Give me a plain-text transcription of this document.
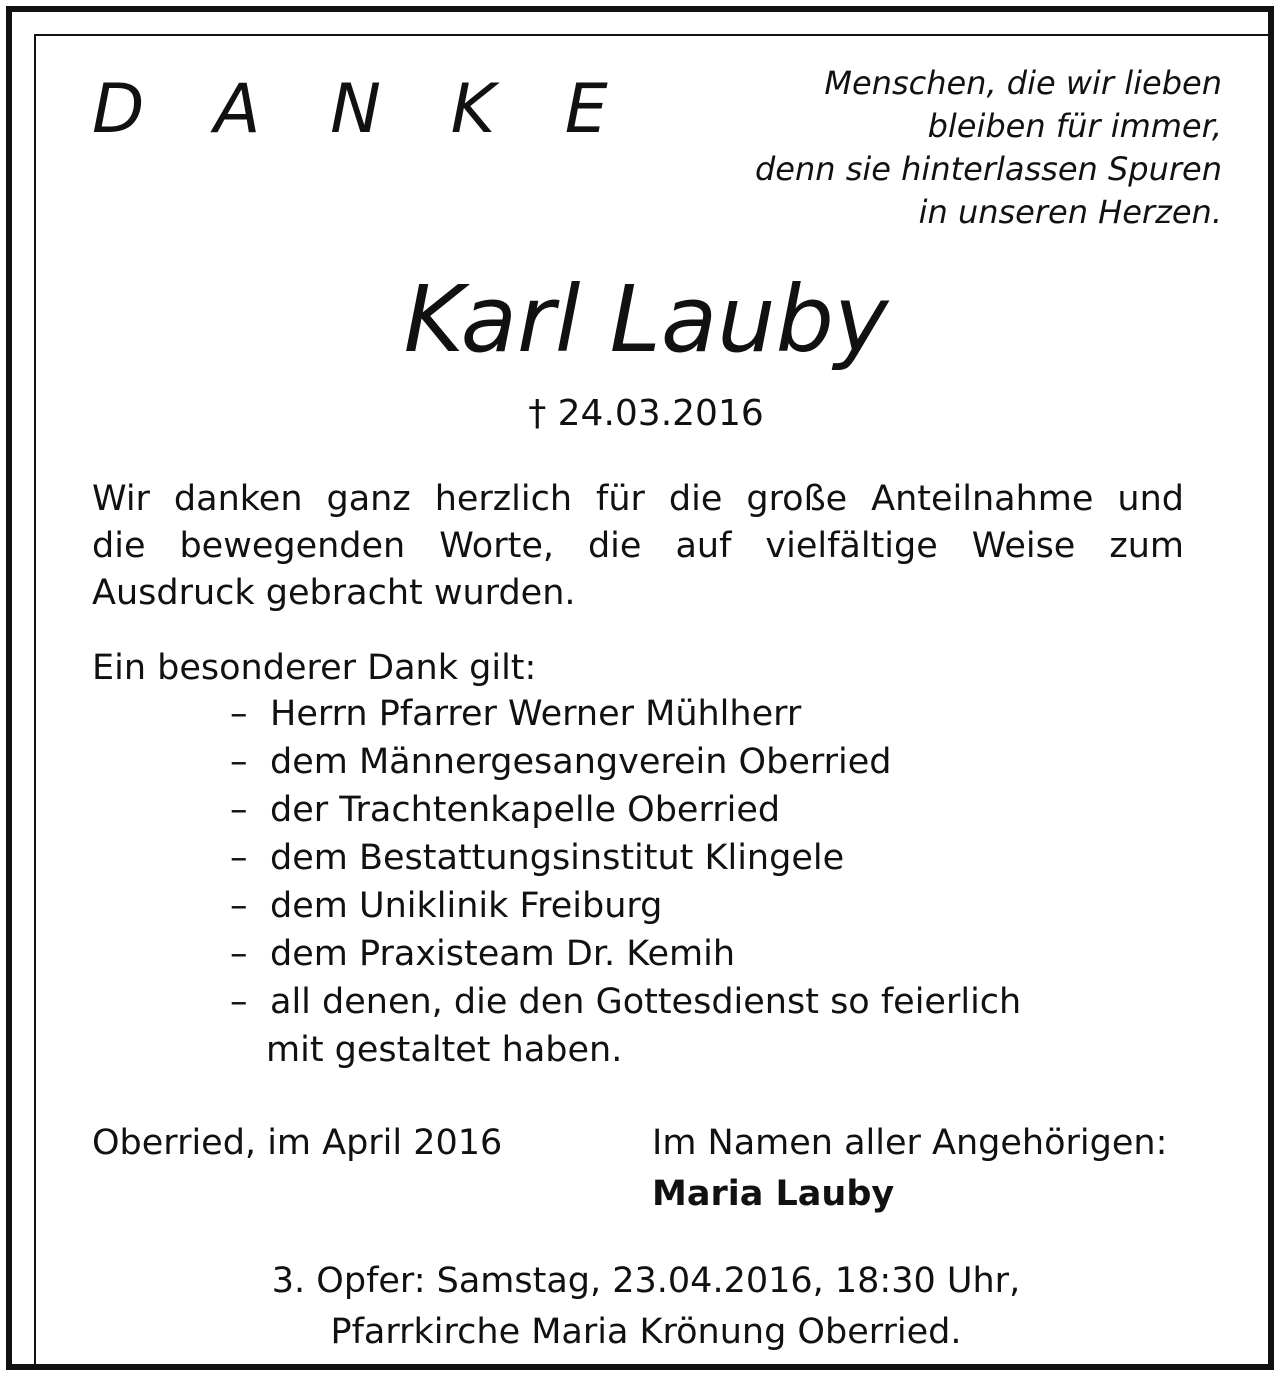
D A N K E	Menschen, die wir lieben
bleiben für immer,
denn sie hinterlassen Spuren
in unseren Herzen.
Karl Lauby
† 24.03.2016

Wir danken ganz herzlich für die große Anteilnahme und
die bewegenden Worte, die auf vielfältige Weise zum
Ausdruck gebracht wurden.

Ein besonderer Dank gilt:
– Herrn Pfarrer Werner Mühlherr
– dem Männergesangverein Oberried
– der Trachtenkapelle Oberried
– dem Bestattungsinstitut Klingele
– dem Uniklinik Freiburg
– dem Praxisteam Dr. Kemih
– all denen, die den Gottesdienst so feierlich
mit gestaltet haben.
Oberried, im April 2016	Im Namen aller Angehörigen:
Maria Lauby
3. Opfer: Samstag, 23.04.2016, 18:30 Uhr,
Pfarrkirche Maria Krönung Oberried.
